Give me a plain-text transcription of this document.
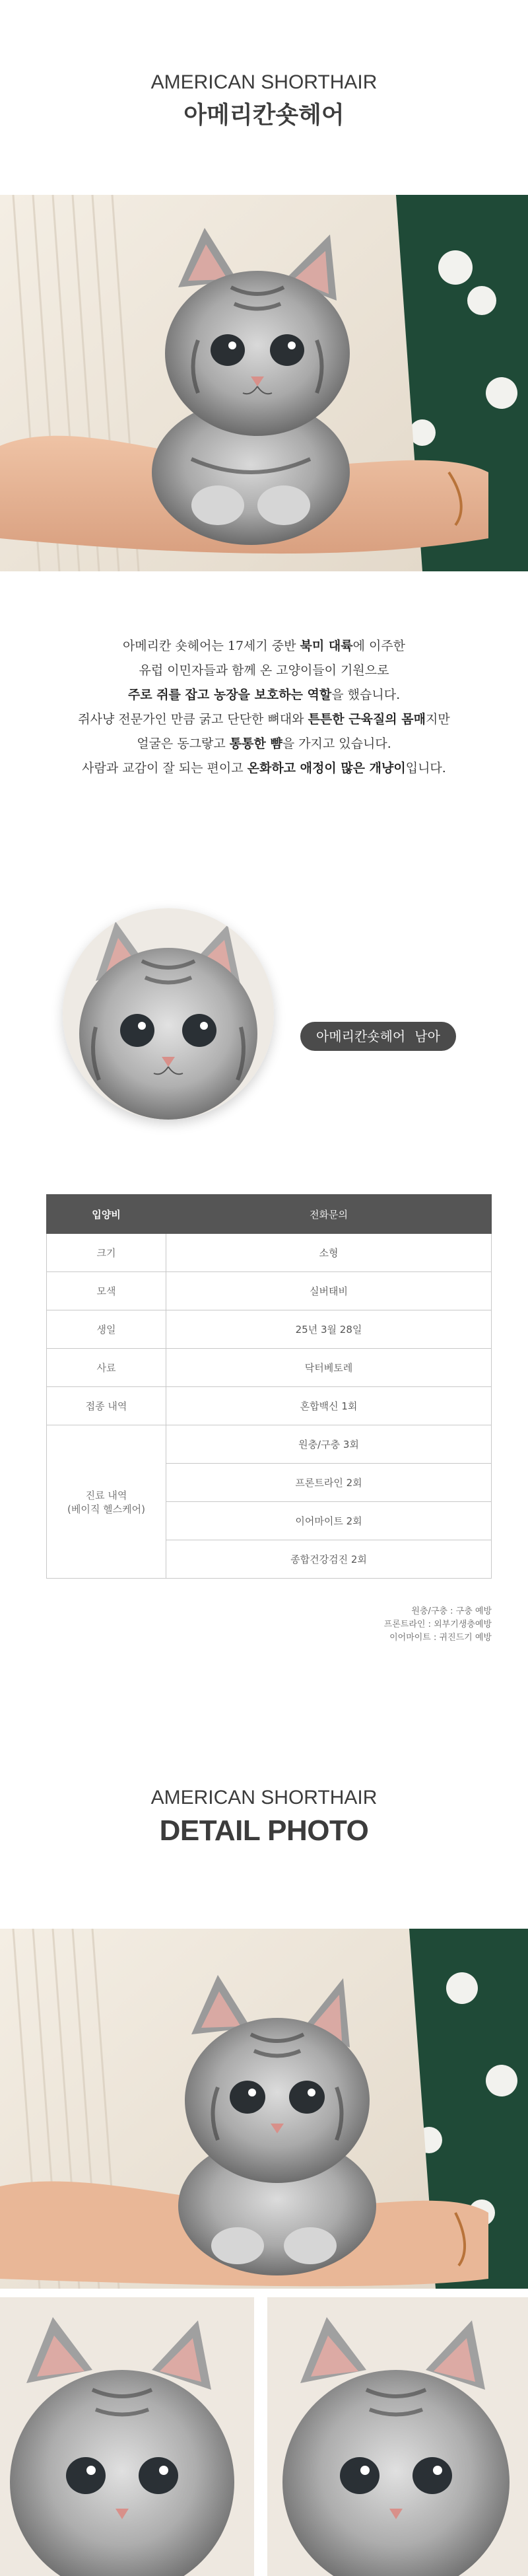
AMERICAN SHORTHAIR
아메리칸숏헤어
아메리칸 숏헤어는 17세기 중반 북미 대륙에 이주한
유럽 이민자들과 함께 온 고양이들이 기원으로
주로 쥐를 잡고 농장을 보호하는 역할을 했습니다.
쥐사냥 전문가인 만큼 굵고 단단한 뼈대와 튼튼한 근육질의 몸매지만
얼굴은 동그랗고 통통한 뺨을 가지고 있습니다.
사람과 교감이 잘 되는 편이고 온화하고 애정이 많은 개냥이입니다.
아메리칸숏헤어 남아
입양비	전화문의
크기	소형
모색	실버태비
생일	25년 3월 28일
사료	닥터베토레
접종 내역	혼합백신 1회

진료 내역
(베이직 헬스케어)	원충/구충 3회
	프론트라인 2회
	이어마이트 2회
	종합건강검진 2회
원충/구충 : 구충 예방
프론트라인 : 외부기생충예방
이어마이트 : 귀진드기 예방
AMERICAN SHORTHAIR
DETAIL PHOTO
